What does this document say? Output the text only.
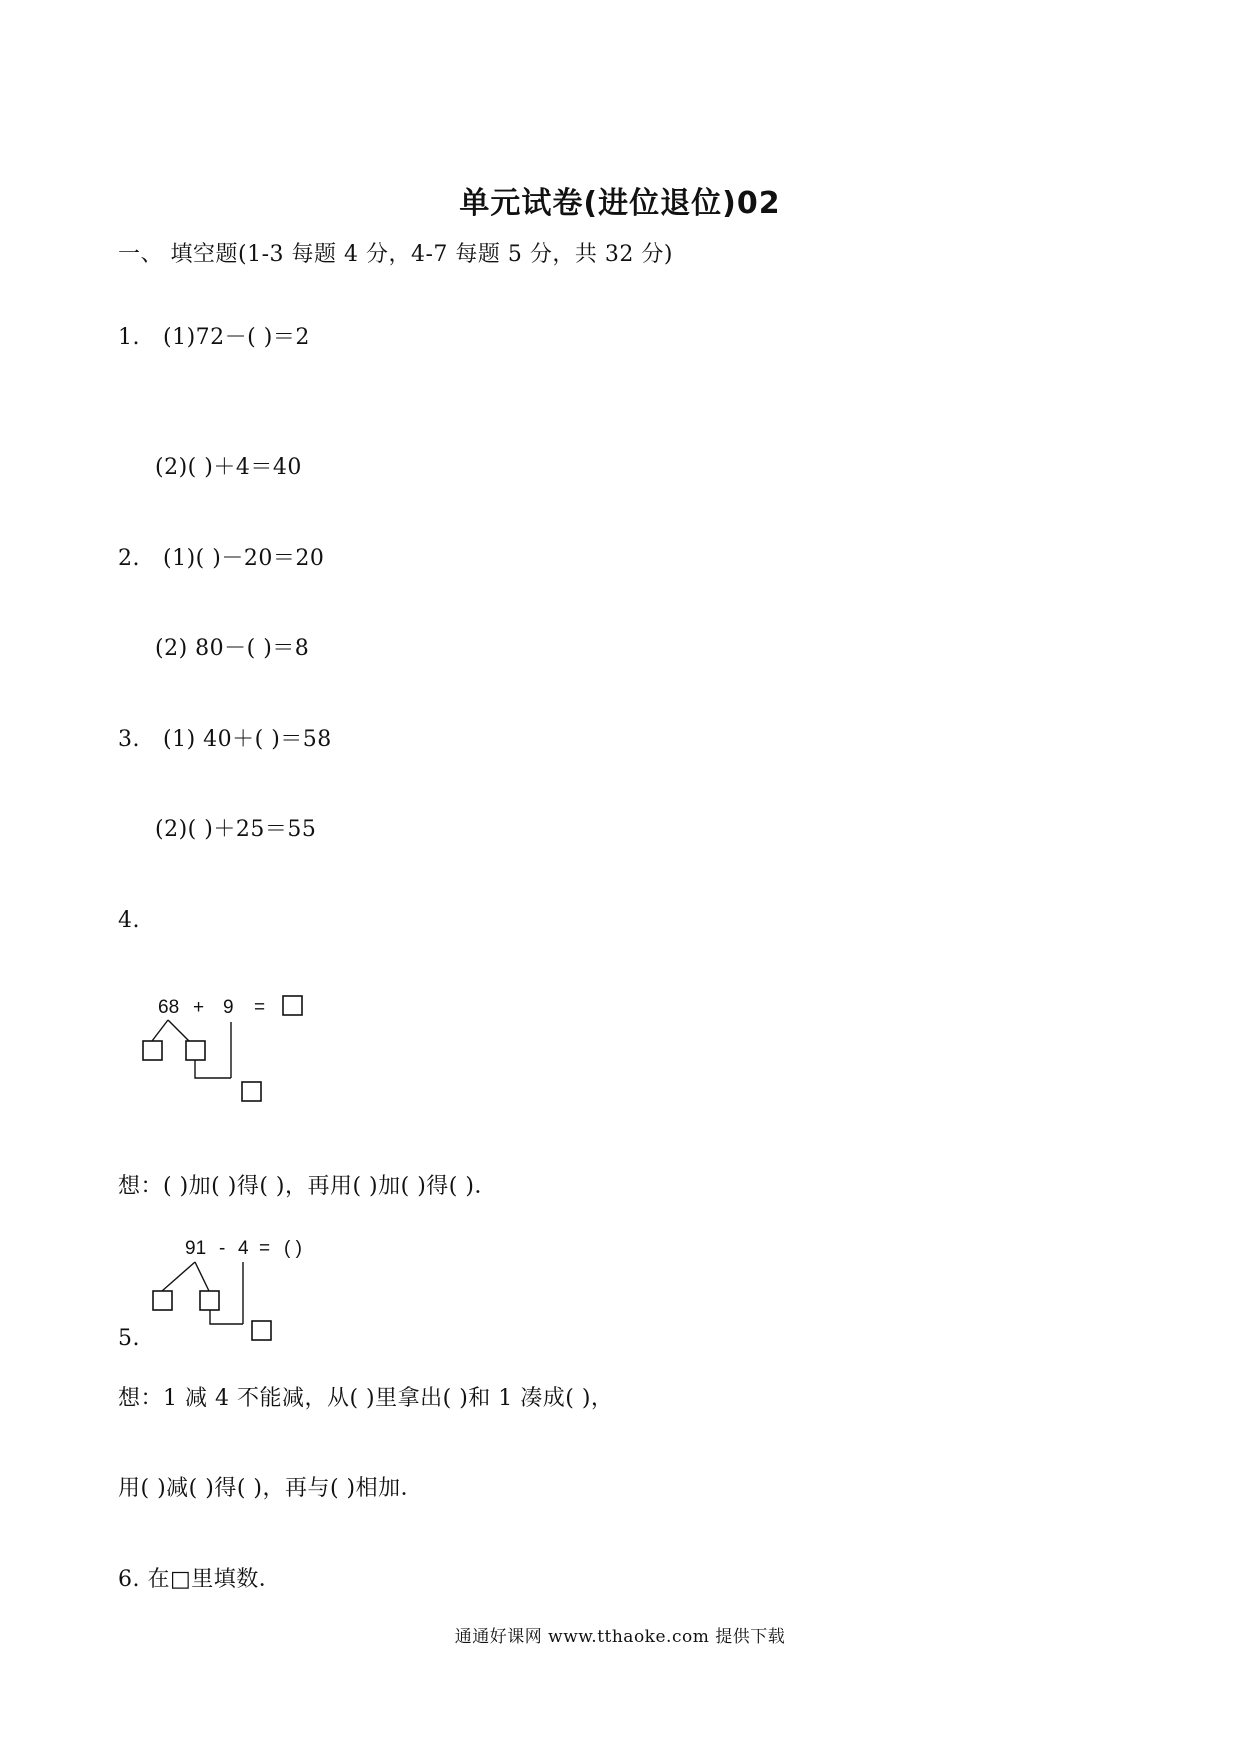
单元试卷(进位退位)02
一、 填空题(1-3 每题 4 分，4-7 每题 5 分，共 32 分)
1. (1)72－( )＝2
(2)( )＋4＝40
2. (1)( )－20＝20
(2) 80－( )＝8
3. (1) 40＋( )＝58
(2)( )＋25＝55
4.
68 + 9 =
想：( )加( )得( )，再用( )加( )得( )．
91 - 4 = ( )
5.
想：1 减 4 不能减，从( )里拿出( )和 1 凑成( )，
用( )减( )得( )，再与( )相加．
6. 在□里填数．
通通好课网 www.tthaoke.com 提供下载
